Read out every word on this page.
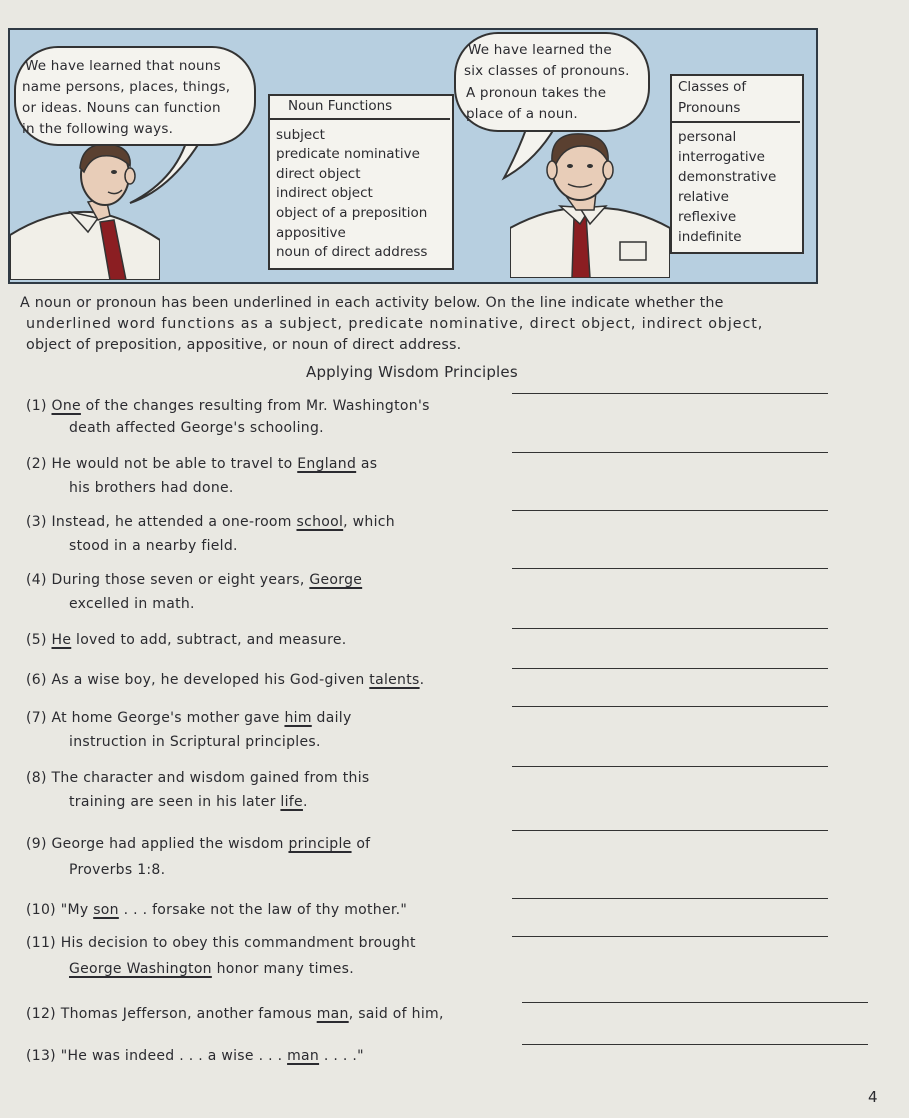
We have learned that nouns
name persons, places, things,
or ideas. Nouns can function
in the following ways.
We have learned the
six classes of pronouns.
A pronoun takes the
place of a noun.
Noun Functions
subject
predicate nominative
direct object
indirect object
object of a preposition
appositive
noun of direct address
Classes of
Pronouns
personal
interrogative
demonstrative
relative
reflexive
indefinite
A noun or pronoun has been underlined in each activity below. On the line indicate whether the
underlined word functions as a subject, predicate nominative, direct object, indirect object,
object of preposition, appositive, or noun of direct address.
Applying Wisdom Principles
(1) One of the changes resulting from Mr. Washington's
death affected George's schooling.
(2) He would not be able to travel to England as
his brothers had done.
(3) Instead, he attended a one-room school, which
stood in a nearby field.
(4) During those seven or eight years, George
excelled in math.
(5) He loved to add, subtract, and measure.
(6) As a wise boy, he developed his God-given talents.
(7) At home George's mother gave him daily
instruction in Scriptural principles.
(8) The character and wisdom gained from this
training are seen in his later life.
(9) George had applied the wisdom principle of
Proverbs 1:8.
(10) "My son . . . forsake not the law of thy mother."
(11) His decision to obey this commandment brought
George Washington honor many times.
(12) Thomas Jefferson, another famous man, said of him,
(13) "He was indeed . . . a wise . . . man . . . ."
4
